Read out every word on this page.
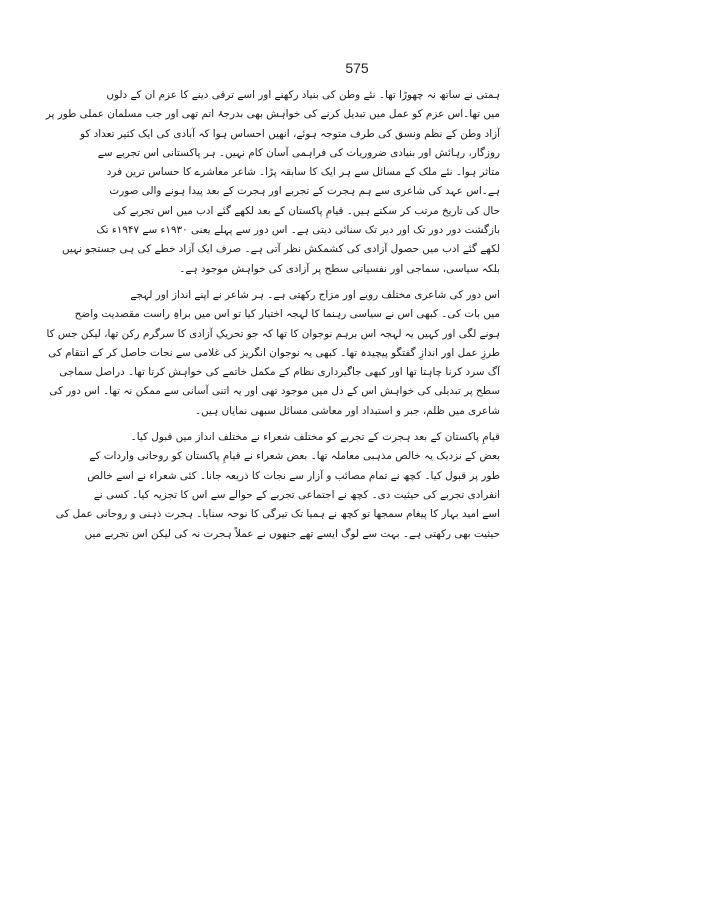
575
ہمتی نے ساتھ نہ چھوڑا تھا۔ نئے وطن کی بنیاد رکھنے اور اسے ترقی دینے کا عزم ان کے دلوں
میں تھا۔اس عزم کو عمل میں تبدیل کرنے کی خواہش بھی بدرجۂ اتم تھی اور جب مسلمان عملی طور پر
آزاد وطن کے نظم ونسق کی طرف متوجہ ہوئے، انھیں احساس ہوا کہ آبادی کی ایک کثیر تعداد کو
روزگار، رہائش اور بنیادی ضروریات کی فراہمی آسان کام نہیں۔ ہر پاکستانی اس تجربے سے
متاثر ہوا۔ نئے ملک کے مسائل سے ہر ایک کا سابقہ پڑا۔ شاعر معاشرے کا حساس ترین فرد
ہے۔اس عہد کی شاعری سے ہم ہجرت کے تجربے اور ہجرت کے بعد پیدا ہونے والی صورت
حال کی تاریخ مرتب کر سکتے ہیں۔ قیامِ پاکستان کے بعد لکھے گئے ادب میں اس تجربے کی
بازگشت دور دور تک اور دیر تک سنائی دیتی ہے۔ اس دور سے پہلے یعنی ۱۹۳۰ء سے ۱۹۴۷ء تک
لکھے گئے ادب میں حصول آزادی کی کشمکش نظر آتی ہے۔ صرف ایک آزاد خطے کی ہی جستجو نہیں
بلکہ سیاسی، سماجی اور نفسیاتی سطح پر آزادی کی خواہش موجود ہے۔
اس دور کی شاعری مختلف رویے اور مزاج رکھتی ہے۔ ہر شاعر نے اپنے انداز اور لہجے
میں بات کی۔ کبھی اس نے سیاسی رہنما کا لہجہ اختیار کیا تو اس میں براہِ راست مقصدیت واضح
ہونے لگی اور کہیں یہ لہجہ اس برہم نوجوان کا تھا کہ جو تحریکِ آزادی کا سرگرم رکن تھا، لیکن جس کا
طرزِ عمل اور اندازِ گفتگو پیچیدہ تھا۔ کبھی یہ نوجوان انگریز کی غلامی سے نجات حاصل کر کے انتقام کی
آگ سرد کرنا چاہتا تھا اور کبھی جاگیرداری نظام کے مکمل خاتمے کی خواہش کرتا تھا۔ دراصل سماجی
سطح پر تبدیلی کی خواہش اس کے دل میں موجود تھی اور یہ اتنی آسانی سے ممکن نہ تھا۔ اس دور کی
شاعری میں ظلم، جبر و استبداد اور معاشی مسائل سبھی نمایاں ہیں۔
قیامِ پاکستان کے بعد ہجرت کے تجربے کو مختلف شعراء نے مختلف انداز میں قبول کیا۔
بعض کے نزدیک یہ خالص مذہبی معاملہ تھا۔ بعض شعراء نے قیامِ پاکستان کو روحانی واردات کے
طور پر قبول کیا۔ کچھ نے تمام مصائب و آزار سے نجات کا ذریعہ جانا۔ کئی شعراء نے اسے خالص
انفرادی تجربے کی حیثیت دی۔ کچھ نے اجتماعی تجربے کے حوالے سے اس کا تجزیہ کیا۔ کسی نے
اسے امید بہار کا پیغام سمجھا تو کچھ نے ہمیا تک تیرگی کا نوحہ سنایا۔ ہجرت ذہنی و روحانی عمل کی
حیثیت بھی رکھتی ہے۔ بہت سے لوگ ایسے تھے جنھوں نے عملاً ہجرت نہ کی لیکن اس تجربے میں
